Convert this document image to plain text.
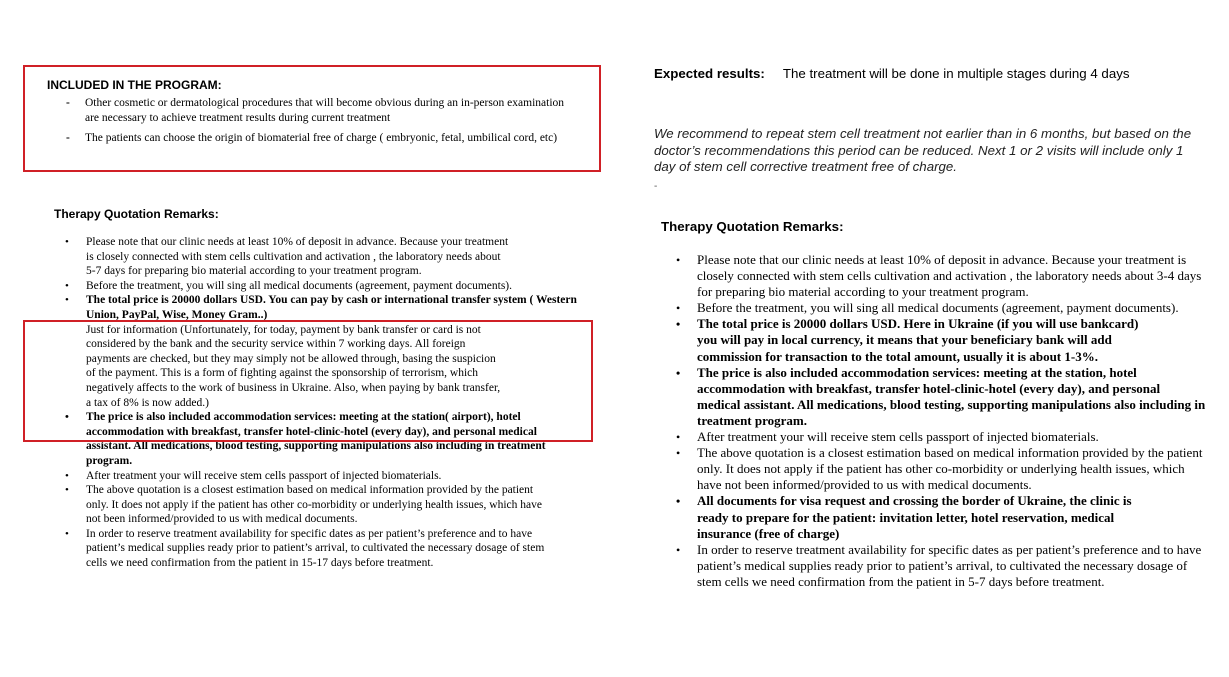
INCLUDED IN THE PROGRAM:
- Other cosmetic or dermatological procedures that will become obvious during an in-person examination are necessary to achieve treatment results during current treatment
- The patients can choose the origin of biomaterial free of charge ( embryonic, fetal, umbilical cord, etc)
Therapy Quotation Remarks:
• Please note that our clinic needs at least 10% of deposit in advance. Because your treatment is closely connected with stem cells cultivation and activation , the laboratory needs about 5-7 days for preparing bio material according to your treatment program.
• Before the treatment, you will sing all medical documents (agreement, payment documents).
• The total price is 20000 dollars USD. You can pay by cash or international transfer system ( Western Union, PayPal, Wise, Money Gram..)
Just for information (Unfortunately, for today, payment by bank transfer or card is not considered by the bank and the security service within 7 working days. All foreign payments are checked, but they may simply not be allowed through, basing the suspicion of the payment. This is a form of fighting against the sponsorship of terrorism, which negatively affects to the work of business in Ukraine. Also, when paying by bank transfer, a tax of 8% is now added.)
• The price is also included accommodation services: meeting at the station( airport), hotel accommodation with breakfast, transfer hotel-clinic-hotel (every day), and personal medical assistant. All medications, blood testing, supporting manipulations also including in treatment program.
• After treatment your will receive stem cells passport of injected biomaterials.
• The above quotation is a closest estimation based on medical information provided by the patient only. It does not apply if the patient has other co-morbidity or underlying health issues, which have not been informed/provided to us with medical documents.
• In order to reserve treatment availability for specific dates as per patient’s preference and to have patient’s medical supplies ready prior to patient’s arrival, to cultivated the necessary dosage of stem cells we need confirmation from the patient in 15-17 days before treatment.
Expected results: The treatment will be done in multiple stages during 4 days
We recommend to repeat stem cell treatment not earlier than in 6 months, but based on the doctor’s recommendations this period can be reduced. Next 1 or 2 visits will include only 1 day of stem cell corrective treatment free of charge.
-
Therapy Quotation Remarks:
• Please note that our clinic needs at least 10% of deposit in advance. Because your treatment is closely connected with stem cells cultivation and activation , the laboratory needs about 3-4 days for preparing bio material according to your treatment program.
• Before the treatment, you will sing all medical documents (agreement, payment documents).
• The total price is 20000 dollars USD. Here in Ukraine (if you will use bankcard) you will pay in local currency, it means that your beneficiary bank will add commission for transaction to the total amount, usually it is about 1-3%.
• The price is also included accommodation services: meeting at the station, hotel accommodation with breakfast, transfer hotel-clinic-hotel (every day), and personal medical assistant. All medications, blood testing, supporting manipulations also including in treatment program.
• After treatment your will receive stem cells passport of injected biomaterials.
• The above quotation is a closest estimation based on medical information provided by the patient only. It does not apply if the patient has other co-morbidity or underlying health issues, which have not been informed/provided to us with medical documents.
• All documents for visa request and crossing the border of Ukraine, the clinic is ready to prepare for the patient: invitation letter, hotel reservation, medical insurance (free of charge)
• In order to reserve treatment availability for specific dates as per patient’s preference and to have patient’s medical supplies ready prior to patient’s arrival, to cultivated the necessary dosage of stem cells we need confirmation from the patient in 5-7 days before treatment.
